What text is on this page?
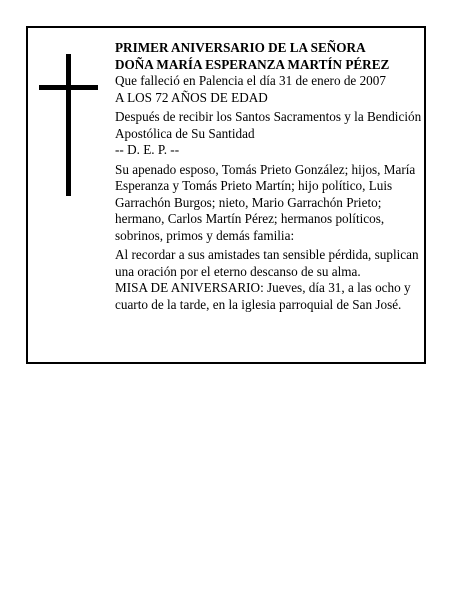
PRIMER ANIVERSARIO DE LA SEÑORA

DOÑA MARÍA ESPERANZA MARTÍN PÉREZ

Que falleció en Palencia el día 31 de enero de 2007

A LOS 72 AÑOS DE EDAD

Después de recibir los Santos Sacramentos y la Bendición Apostólica de Su Santidad

-- D. E. P. --

Su apenado esposo, Tomás Prieto González; hijos, María Esperanza y Tomás Prieto Martín; hijo político, Luis Garrachón Burgos; nieto, Mario Garrachón Prieto; hermano, Carlos Martín Pérez; hermanos políticos, sobrinos, primos y demás familia:

Al recordar a sus amistades tan sensible pérdida, suplican una oración por el eterno descanso de su alma.

MISA DE ANIVERSARIO: Jueves, día 31, a las ocho y cuarto de la tarde, en la iglesia parroquial de San José.
